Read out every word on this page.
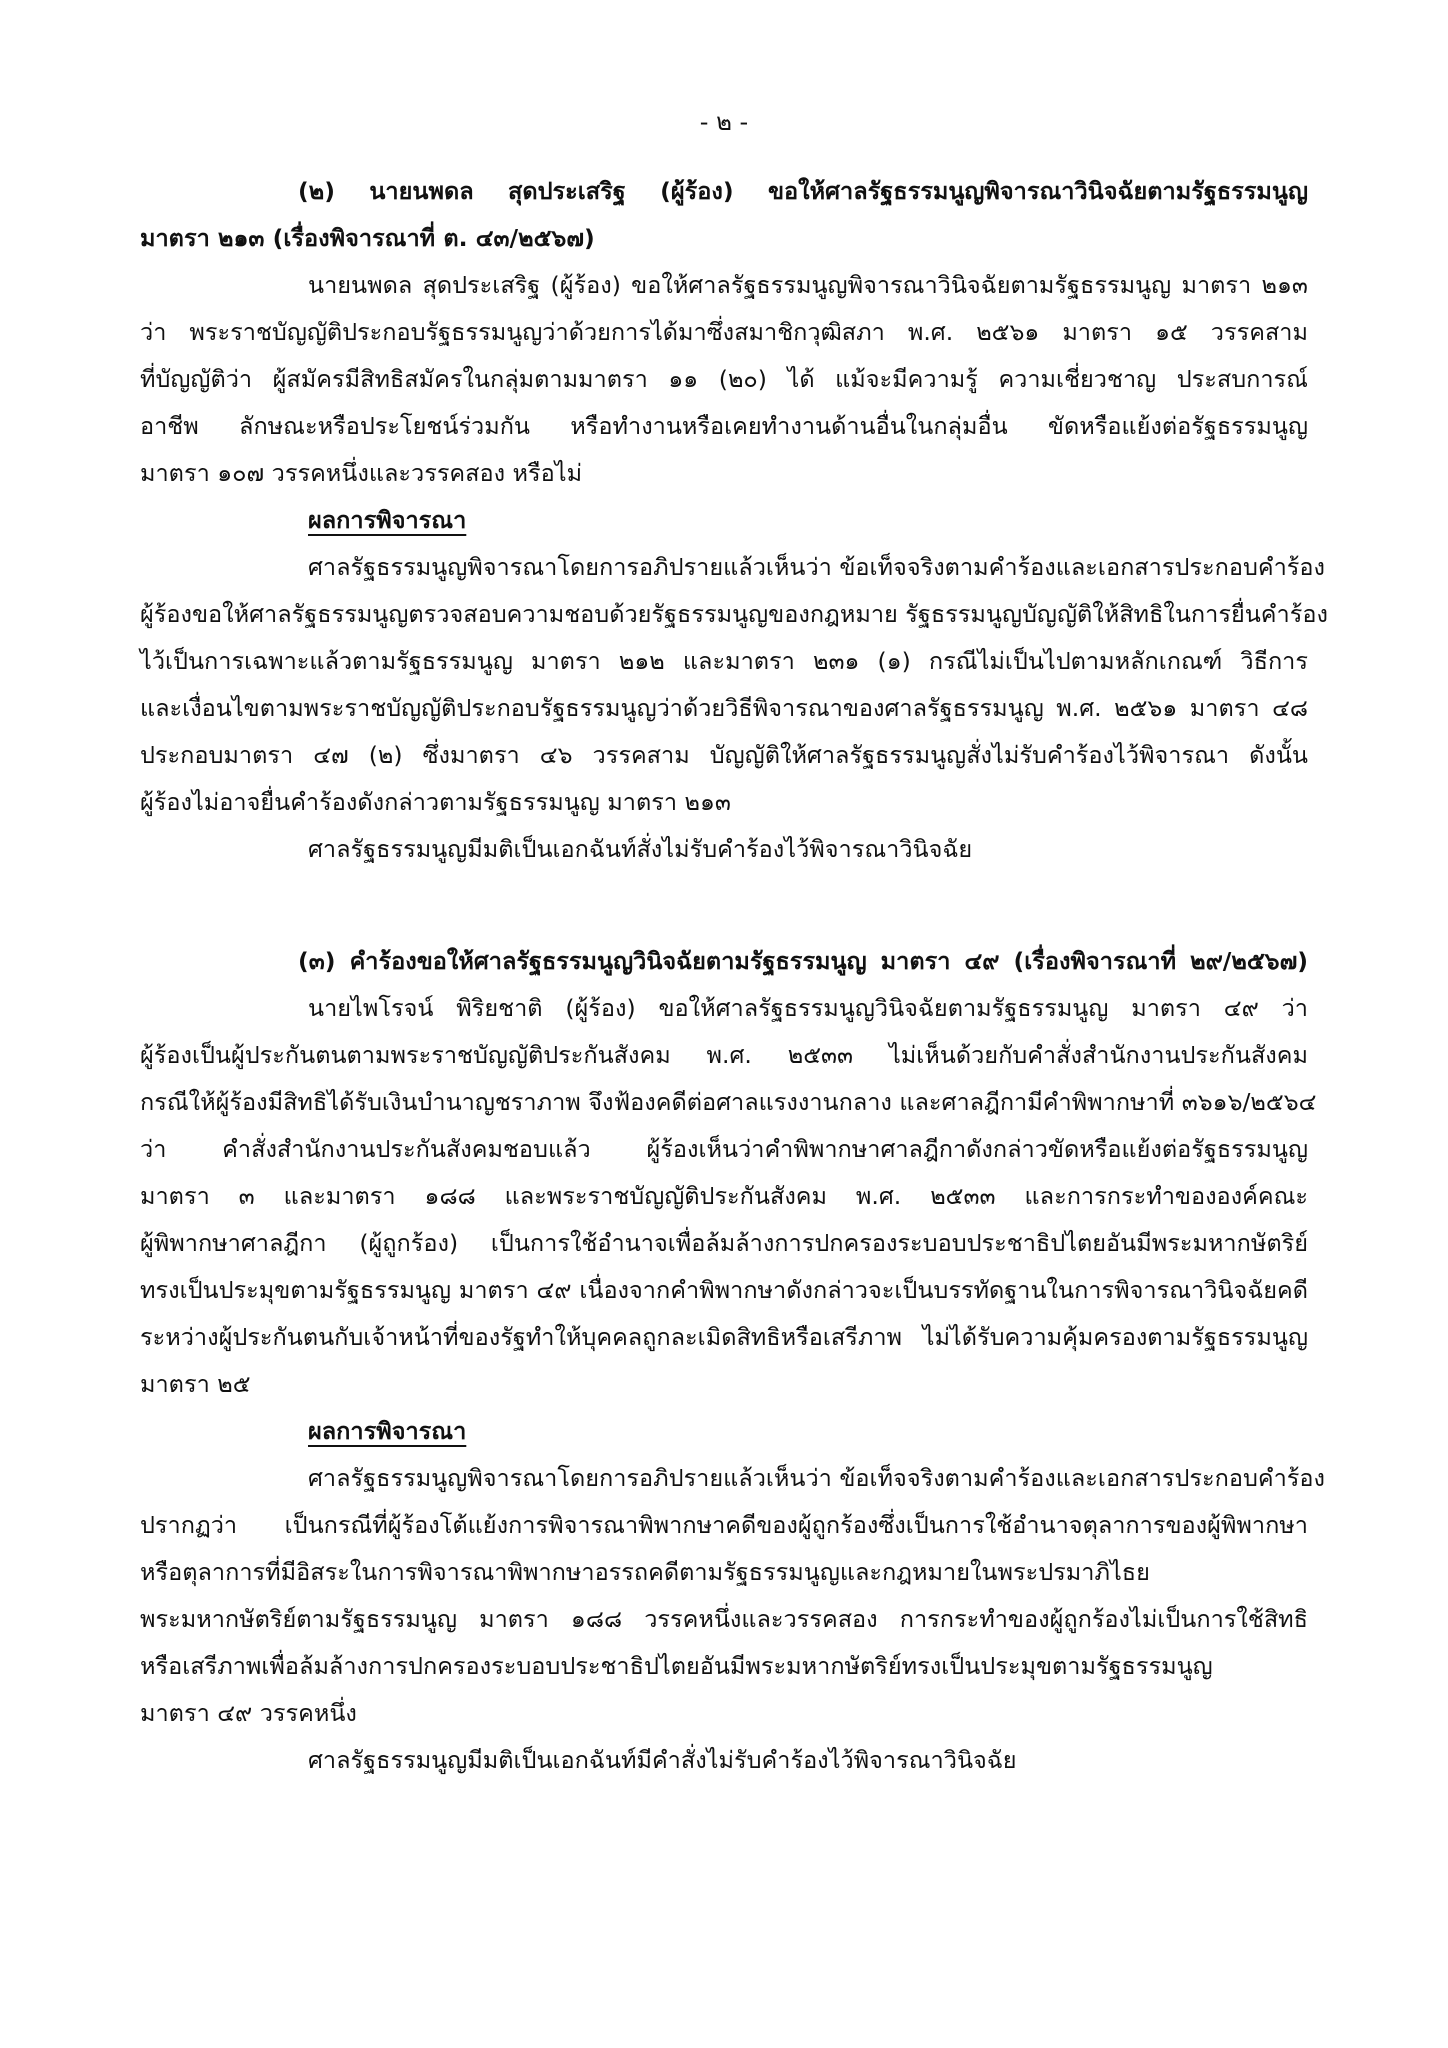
- ๒ -
(๒) นายนพดล สุดประเสริฐ (ผู้ร้อง) ขอให้ศาลรัฐธรรมนูญพิจารณาวินิจฉัยตามรัฐธรรมนูญ
มาตรา ๒๑๓ (เรื่องพิจารณาที่ ต. ๔๓/๒๕๖๗)
นายนพดล สุดประเสริฐ (ผู้ร้อง) ขอให้ศาลรัฐธรรมนูญพิจารณาวินิจฉัยตามรัฐธรรมนูญ มาตรา ๒๑๓
ว่า พระราชบัญญัติประกอบรัฐธรรมนูญว่าด้วยการได้มาซึ่งสมาชิกวุฒิสภา พ.ศ. ๒๕๖๑ มาตรา ๑๕ วรรคสาม
ที่บัญญัติว่า ผู้สมัครมีสิทธิสมัครในกลุ่มตามมาตรา ๑๑ (๒๐) ได้ แม้จะมีความรู้ ความเชี่ยวชาญ ประสบการณ์
อาชีพ ลักษณะหรือประโยชน์ร่วมกัน หรือทำงานหรือเคยทำงานด้านอื่นในกลุ่มอื่น ขัดหรือแย้งต่อรัฐธรรมนูญ
มาตรา ๑๐๗ วรรคหนึ่งและวรรคสอง หรือไม่
ผลการพิจารณา
ศาลรัฐธรรมนูญพิจารณาโดยการอภิปรายแล้วเห็นว่า ข้อเท็จจริงตามคำร้องและเอกสารประกอบคำร้อง
ผู้ร้องขอให้ศาลรัฐธรรมนูญตรวจสอบความชอบด้วยรัฐธรรมนูญของกฎหมาย รัฐธรรมนูญบัญญัติให้สิทธิในการยื่นคำร้อง
ไว้เป็นการเฉพาะแล้วตามรัฐธรรมนูญ มาตรา ๒๑๒ และมาตรา ๒๓๑ (๑) กรณีไม่เป็นไปตามหลักเกณฑ์ วิธีการ
และเงื่อนไขตามพระราชบัญญัติประกอบรัฐธรรมนูญว่าด้วยวิธีพิจารณาของศาลรัฐธรรมนูญ พ.ศ. ๒๕๖๑ มาตรา ๔๘
ประกอบมาตรา ๔๗ (๒) ซึ่งมาตรา ๔๖ วรรคสาม บัญญัติให้ศาลรัฐธรรมนูญสั่งไม่รับคำร้องไว้พิจารณา ดังนั้น
ผู้ร้องไม่อาจยื่นคำร้องดังกล่าวตามรัฐธรรมนูญ มาตรา ๒๑๓
ศาลรัฐธรรมนูญมีมติเป็นเอกฉันท์สั่งไม่รับคำร้องไว้พิจารณาวินิจฉัย
(๓) คำร้องขอให้ศาลรัฐธรรมนูญวินิจฉัยตามรัฐธรรมนูญ มาตรา ๔๙ (เรื่องพิจารณาที่ ๒๙/๒๕๖๗)
นายไพโรจน์ พิริยชาติ (ผู้ร้อง) ขอให้ศาลรัฐธรรมนูญวินิจฉัยตามรัฐธรรมนูญ มาตรา ๔๙ ว่า
ผู้ร้องเป็นผู้ประกันตนตามพระราชบัญญัติประกันสังคม พ.ศ. ๒๕๓๓ ไม่เห็นด้วยกับคำสั่งสำนักงานประกันสังคม
กรณีให้ผู้ร้องมีสิทธิได้รับเงินบำนาญชราภาพ จึงฟ้องคดีต่อศาลแรงงานกลาง และศาลฎีกามีคำพิพากษาที่ ๓๖๑๖/๒๕๖๔
ว่า คำสั่งสำนักงานประกันสังคมชอบแล้ว ผู้ร้องเห็นว่าคำพิพากษาศาลฎีกาดังกล่าวขัดหรือแย้งต่อรัฐธรรมนูญ
มาตรา ๓ และมาตรา ๑๘๘ และพระราชบัญญัติประกันสังคม พ.ศ. ๒๕๓๓ และการกระทำขององค์คณะ
ผู้พิพากษาศาลฎีกา (ผู้ถูกร้อง) เป็นการใช้อำนาจเพื่อล้มล้างการปกครองระบอบประชาธิปไตยอันมีพระมหากษัตริย์
ทรงเป็นประมุขตามรัฐธรรมนูญ มาตรา ๔๙ เนื่องจากคำพิพากษาดังกล่าวจะเป็นบรรทัดฐานในการพิจารณาวินิจฉัยคดี
ระหว่างผู้ประกันตนกับเจ้าหน้าที่ของรัฐทำให้บุคคลถูกละเมิดสิทธิหรือเสรีภาพ ไม่ได้รับความคุ้มครองตามรัฐธรรมนูญ
มาตรา ๒๕
ผลการพิจารณา
ศาลรัฐธรรมนูญพิจารณาโดยการอภิปรายแล้วเห็นว่า ข้อเท็จจริงตามคำร้องและเอกสารประกอบคำร้อง
ปรากฏว่า เป็นกรณีที่ผู้ร้องโต้แย้งการพิจารณาพิพากษาคดีของผู้ถูกร้องซึ่งเป็นการใช้อำนาจตุลาการของผู้พิพากษา
หรือตุลาการที่มีอิสระในการพิจารณาพิพากษาอรรถคดีตามรัฐธรรมนูญและกฎหมายในพระปรมาภิไธย
พระมหากษัตริย์ตามรัฐธรรมนูญ มาตรา ๑๘๘ วรรคหนึ่งและวรรคสอง การกระทำของผู้ถูกร้องไม่เป็นการใช้สิทธิ
หรือเสรีภาพเพื่อล้มล้างการปกครองระบอบประชาธิปไตยอันมีพระมหากษัตริย์ทรงเป็นประมุขตามรัฐธรรมนูญ
มาตรา ๔๙ วรรคหนึ่ง
ศาลรัฐธรรมนูญมีมติเป็นเอกฉันท์มีคำสั่งไม่รับคำร้องไว้พิจารณาวินิจฉัย
